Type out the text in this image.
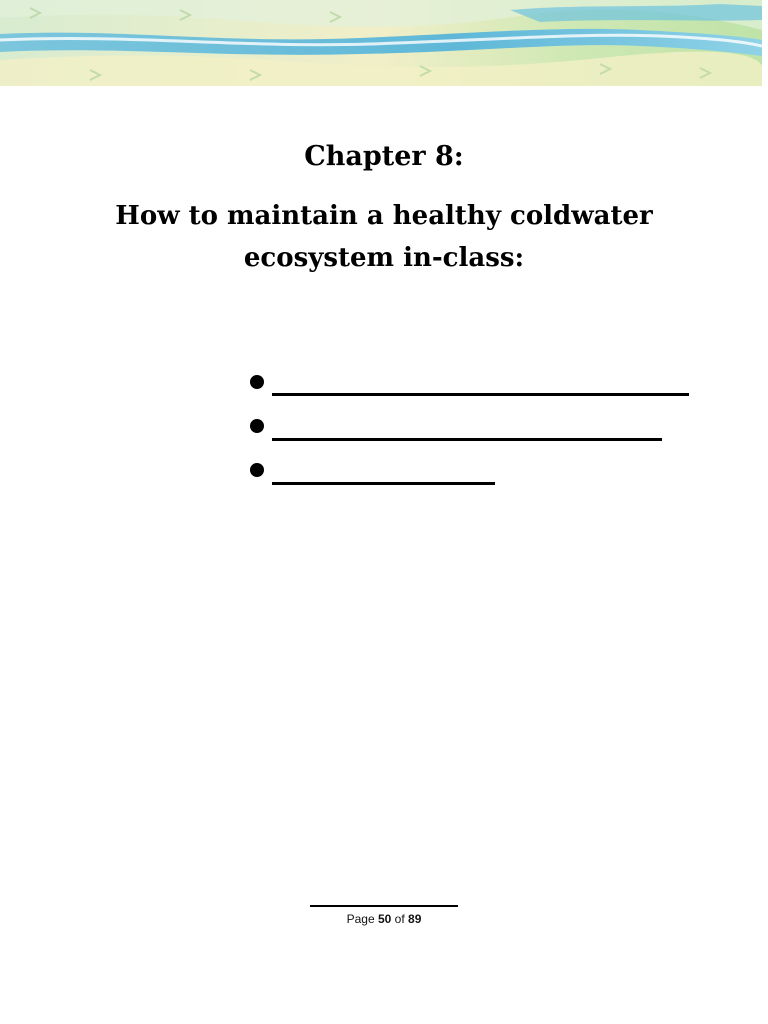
Chapter 8:
How to maintain a healthy coldwater ecosystem in-class:
Page 50 of 89
